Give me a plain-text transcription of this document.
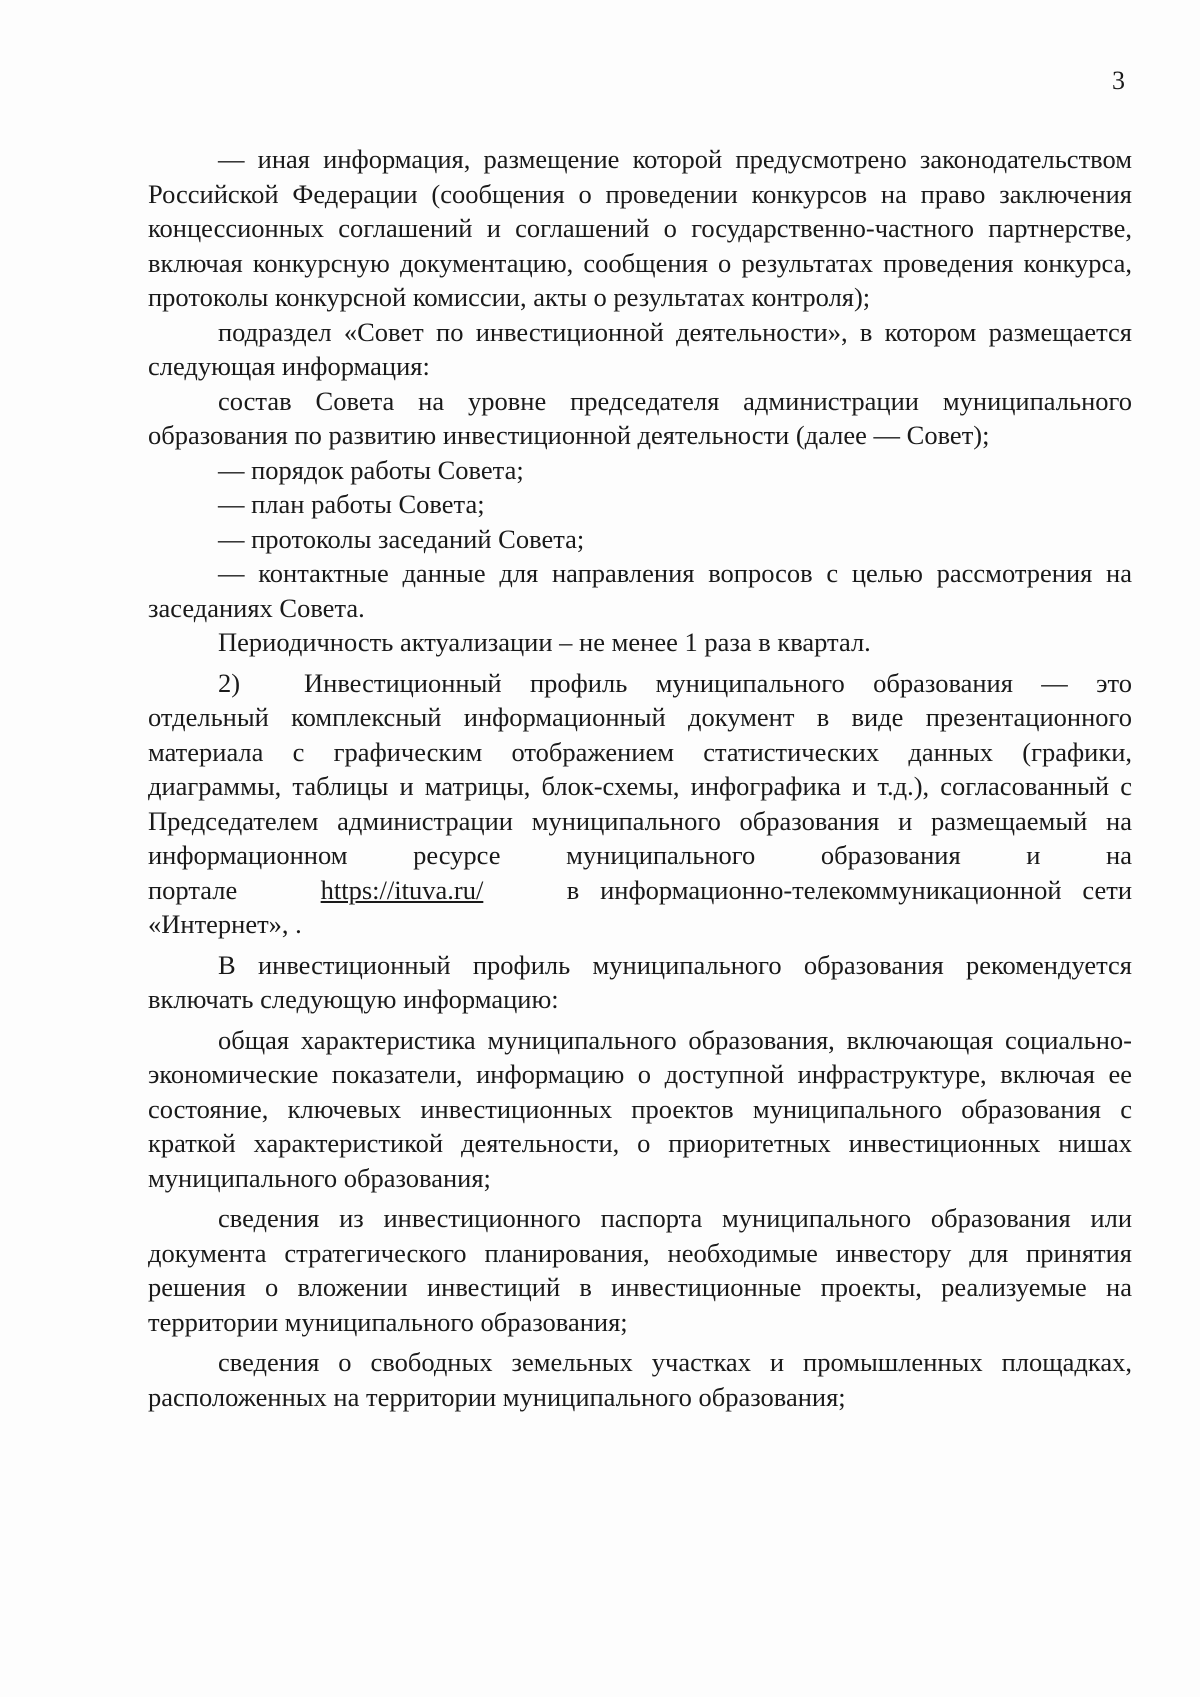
3

— иная информация, размещение которой предусмотрено законодательством Российской Федерации (сообщения о проведении конкурсов на право заключения концессионных соглашений и соглашений о государственно-частного партнерстве, включая конкурсную документацию, сообщения о результатах проведения конкурса, протоколы конкурсной комиссии, акты о результатах контроля);

подраздел «Совет по инвестиционной деятельности», в котором размещается следующая информация:

состав Совета на уровне председателя администрации муниципального образования по развитию инвестиционной деятельности (далее — Совет);

— порядок работы Совета;

— план работы Совета;

— протоколы заседаний Совета;

— контактные данные для направления вопросов с целью рассмотрения на заседаниях Совета.

Периодичность актуализации – не менее 1 раза в квартал.

2) Инвестиционный профиль муниципального образования — это отдельный комплексный информационный документ в виде презентационного материала с графическим отображением статистических данных (графики, диаграммы, таблицы и матрицы, блок-схемы, инфографика и т.д.), согласованный с Председателем администрации муниципального образования и размещаемый на информационном ресурсе муниципального образования и на портале	https://ituva.ru/	в информационно-телекоммуникационной сети «Интернет», .

В инвестиционный профиль муниципального образования рекомендуется включать следующую информацию:

общая характеристика муниципального образования, включающая социально-экономические показатели, информацию о доступной инфраструктуре, включая ее состояние, ключевых инвестиционных проектов муниципального образования с краткой характеристикой деятельности, о приоритетных инвестиционных нишах муниципального образования;

сведения из инвестиционного паспорта муниципального образования или документа стратегического планирования, необходимые инвестору для принятия решения о вложении инвестиций в инвестиционные проекты, реализуемые на территории муниципального образования;

сведения о свободных земельных участках и промышленных площадках, расположенных на территории муниципального образования;
